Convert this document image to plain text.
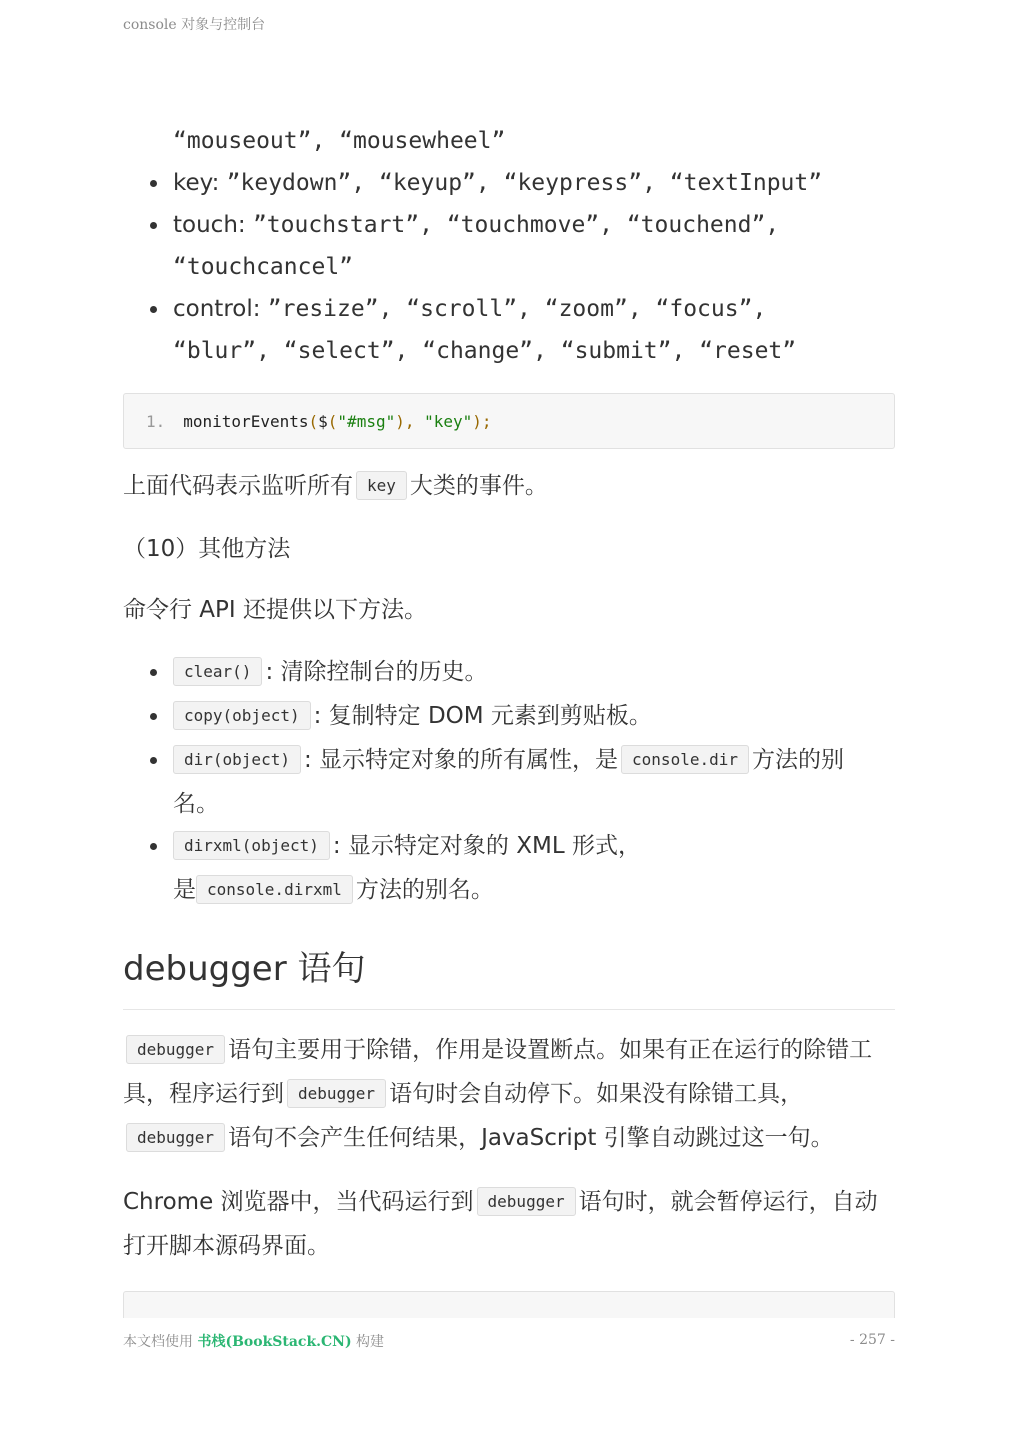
console 对象与控制台
“mouseout”, “mousewheel”
key: ”keydown”, “keyup”, “keypress”, “textInput”
touch: ”touchstart”, “touchmove”, “touchend”,
“touchcancel”
control: ”resize”, “scroll”, “zoom”, “focus”,
“blur”, “select”, “change”, “submit”, “reset”
1. monitorEvents($("#msg"), "key");

上面代码表示监听所有 key 大类的事件。

（10）其他方法

命令行 API 还提供以下方法。

clear() : 清除控制台的历史。
copy(object) : 复制特定 DOM 元素到剪贴板。
dir(object) : 显示特定对象的所有属性，是 console.dir 方法的别
名。
dirxml(object) : 显示特定对象的 XML 形式，
是 console.dirxml 方法的别名。
debugger 语句

debugger 语句主要用于除错，作用是设置断点。如果有正在运行的除错工具，程序运行到 debugger 语句时会自动停下。如果没有除错工具，debugger 语句不会产生任何结果，JavaScript 引擎自动跳过这一句。

Chrome 浏览器中，当代码运行到 debugger 语句时，就会暂停运行，自动打开脚本源码界面。

本文档使用 书栈(BookStack.CN) 构建	- 257 -
